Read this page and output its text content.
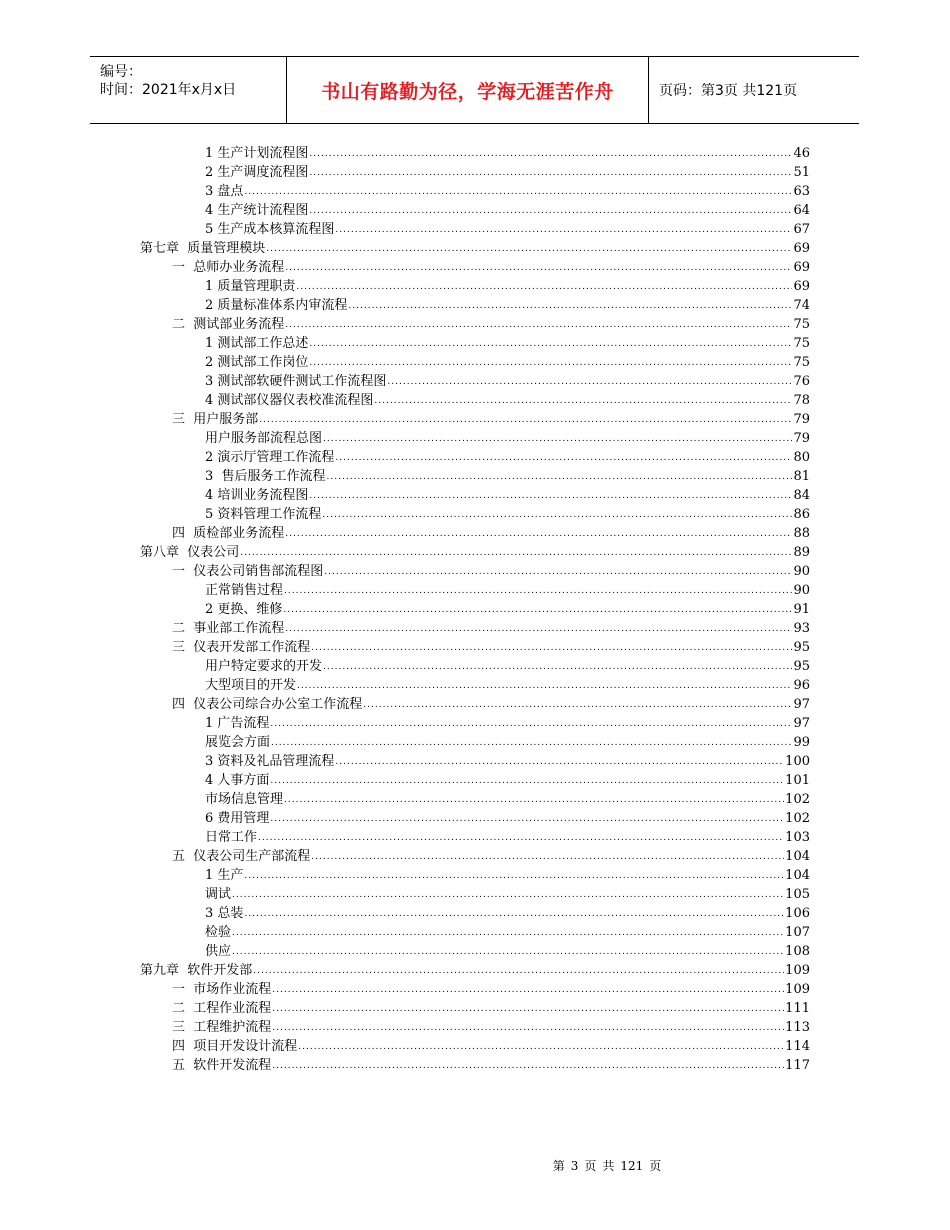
编号：
时间：2021年x月x日	书山有路勤为径，学海无涯苦作舟	页码：第3页 共121页
1 生产计划流程图 .....	46
2 生产调度流程图 .....	51
3 盘点 .....	63
4 生产统计流程图 .....	64
5 生产成本核算流程图 .....	67
第七章  质量管理模块 .....	69
一  总师办业务流程 .....	69
1 质量管理职责 .....	69
2 质量标准体系内审流程 .....	74
二  测试部业务流程 .....	75
1 测试部工作总述 .....	75
2 测试部工作岗位 .....	75
3 测试部软硬件测试工作流程图 .....	76
4 测试部仪器仪表校准流程图 .....	78
三  用户服务部 .....	79
用户服务部流程总图 .....	79
2 演示厅管理工作流程 .....	80
3  售后服务工作流程 .....	81
4 培训业务流程图 .....	84
5 资料管理工作流程 .....	86
四  质检部业务流程 .....	88
第八章  仪表公司 .....	89
一  仪表公司销售部流程图 .....	90
正常销售过程 .....	90
2 更换、维修 .....	91
二  事业部工作流程 .....	93
三  仪表开发部工作流程 .....	95
用户特定要求的开发 .....	95
大型项目的开发 .....	96
四  仪表公司综合办公室工作流程 .....	97
1 广告流程 .....	97
展览会方面 .....	99
3 资料及礼品管理流程 .....	100
4 人事方面 .....	101
市场信息管理 .....	102
6 费用管理 .....	102
日常工作 .....	103
五  仪表公司生产部流程 .....	104
1 生产 .....	104
调试 .....	105
3 总装 .....	106
检验 .....	107
供应 .....	108
第九章  软件开发部 .....	109
一  市场作业流程 .....	109
二  工程作业流程 .....	111
三  工程维护流程 .....	113
四  项目开发设计流程 .....	114
五  软件开发流程 .....	117
第 3 页 共 121 页
